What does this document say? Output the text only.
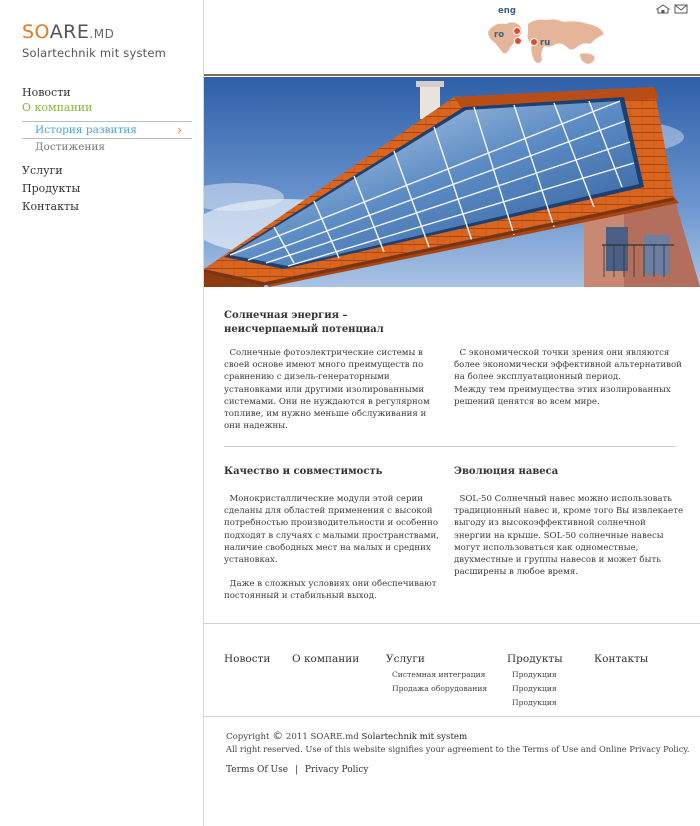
SOARE.MD
Solartechnik mit system
Новости
О компании
История развития	›
Достижения
Услуги
Продукты
Контакты
eng
ro
ru
Солнечная энергия –
неисчерпаемый потенциал
Солнечные фотоэлектрические системы в
своей основе имеют много преимуществ по
сравнению с дизель-генераторными
установками или другими изолированными
системами. Они не нуждаются в регулярном
топливе, им нужно меньше обслуживания и
они надежны.
С экономической точки зрения они являются
более экономически эффективной альтернативой
на более эксплуатационный период.
Между тем преимущества этих изолированных
решений ценятся во всем мире.
Качество и совместимость
Монокристаллические модули этой серии
сделаны для областей применения с высокой
потребностью производительности и особенно
подходят в случаях с малыми пространствами,
наличие свободных мест на малых и средних
установках.
Даже в сложных условиях они обеспечивают
постоянный и стабильный выход.
Эволюция навеса
SOL-50 Солнечный навес можно использовать
традиционный навес и, кроме того Вы извлекаете
выгоду из высокоэффективной солнечной
энергии на крыше. SOL-50 солнечные навесы
могут использоваться как одноместные,
двухместные и группы навесов и может быть
расширены в любое время.
Новости О компании	Услуги	Продукты	Контакты
Системная интеграция
Продажа оборудования
Продукция
Продукция
Продукция
Copyright © 2011 SOARE.md Solartechnik mit system
All right reserved. Use of this website signifies your agreement to the Terms of Use and Online Privacy Policy.
Terms Of Use | Privacy Policy
